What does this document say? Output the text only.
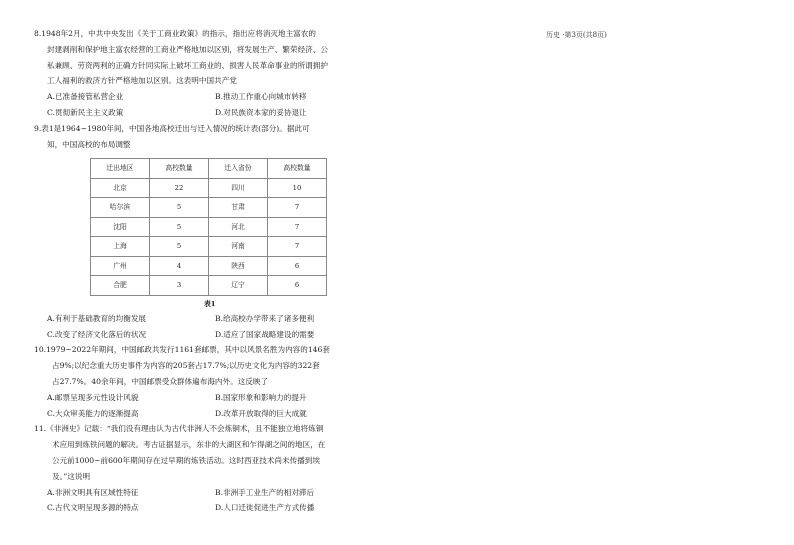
历史 ·第3页(共8页)

8.1948年2月，中共中央发出《关于工商业政策》的指示，指出应将消灭地主富农的

封建剥削和保护地主富农经营的工商业严格地加以区别，将发展生产、繁荣经济、公

私兼顾、劳资两利的正确方针同实际上破坏工商业的、损害人民革命事业的所谓拥护

工人福利的救济方针严格地加以区别。这表明中国共产党

A.已准备接管私营企业	B.推动工作重心向城市转移
C.贯彻新民主主义政策	D.对民族资本家的妥协退让

9.表1是1964~1980年间，中国各地高校迁出与迁入情况的统计表(部分)。据此可

知，中国高校的布局调整

迁出地区	高校数量	迁入省份	高校数量
北京	22	四川	10
哈尔滨	5	甘肃	7
沈阳	5	河北	7
上海	5	河南	7
广州	4	陕西	6
合肥	3	辽宁	6
表1
A.有利于基础教育的均衡发展	B.给高校办学带来了诸多便利
C.改变了经济文化落后的状况	D.适应了国家战略建设的需要

10.1979~2022年期间，中国邮政共发行1161套邮票，其中以风景名胜为内容的146套

占9%;以纪念重大历史事件为内容的205套占17.7%;以历史文化为内容的322套

占27.7%。40余年间，中国邮票受众群体遍布海内外。这反映了

A.邮票呈现多元性设计风貌	B.国家形象和影响力的提升
C.大众审美能力的逐渐提高	D.改革开放取得的巨大成就

11.《非洲史》记载：“我们没有理由认为古代非洲人不会炼铜术，且不能独立地将炼铜

术应用到炼铁问题的解决。考古证据显示，东非的大湖区和乍得湖之间的地区，在

公元前1000~前600年期间存在过早期的炼铁活动。这时西亚技术尚未传播到埃

及。”这说明

A.非洲文明具有区域性特征	B.非洲手工业生产的相对滞后
C.古代文明呈现多源的特点	D.人口迁徙促进生产方式传播
